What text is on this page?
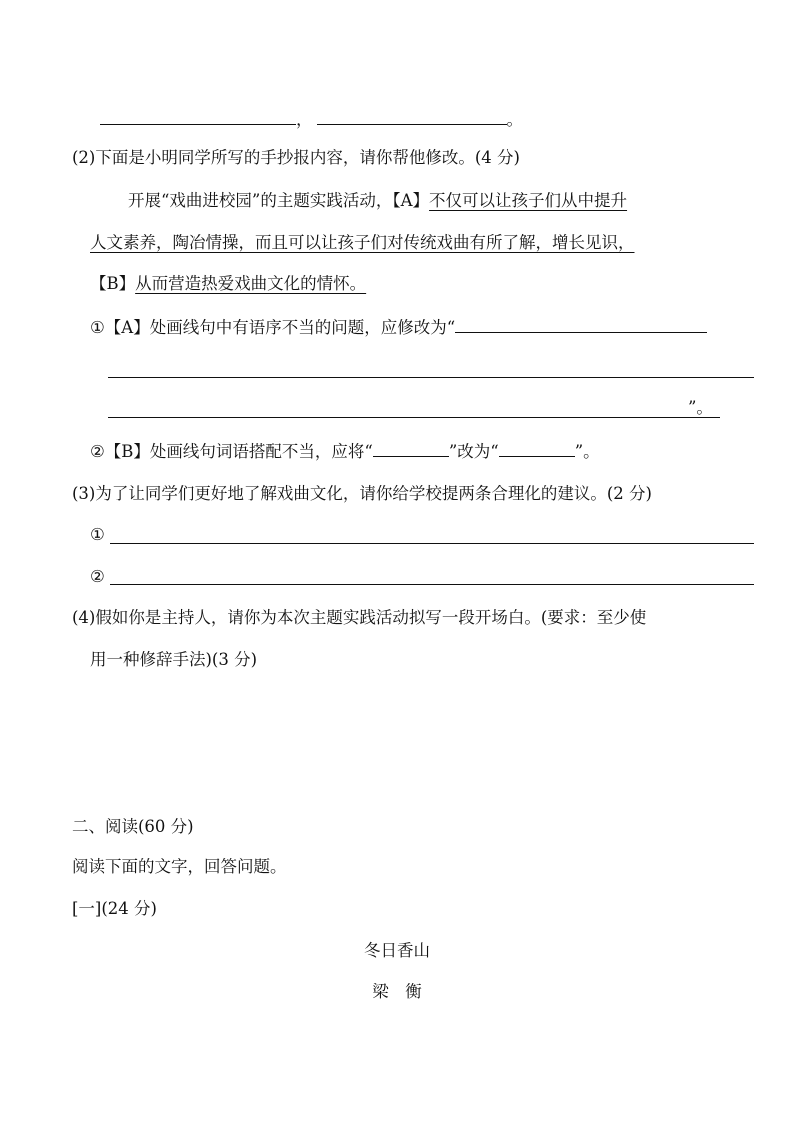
，	。
(2)下面是小明同学所写的手抄报内容，请你帮他修改。(4 分)
开展“戏曲进校园”的主题实践活动，【A】不仅可以让孩子们从中提升
人文素养，陶冶情操，而且可以让孩子们对传统戏曲有所了解，增长见识，
【B】从而营造热爱戏曲文化的情怀。
①【A】处画线句中有语序不当的问题，应修改为“
”。
②【B】处画线句词语搭配不当，应将“	”改为“	”。
(3)为了让同学们更好地了解戏曲文化，请你给学校提两条合理化的建议。(2 分)
①
②
(4)假如你是主持人，请你为本次主题实践活动拟写一段开场白。(要求：至少使
用一种修辞手法)(3 分)
二、阅读(60 分)
阅读下面的文字，回答问题。
[一](24 分)
冬日香山
梁　衡
